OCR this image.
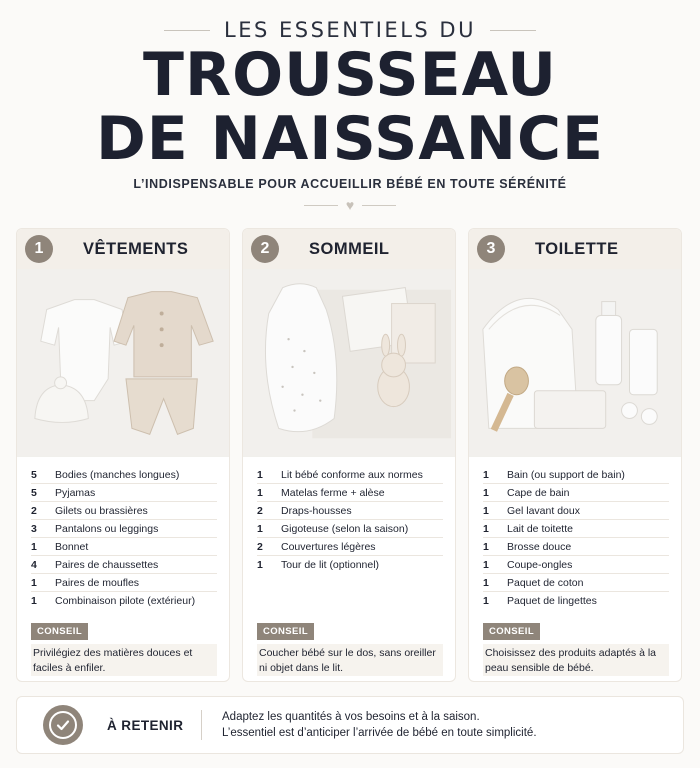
LES ESSENTIELS DU
TROUSSEAU
DE NAISSANCE
L’INDISPENSABLE POUR ACCUEILLIR BÉBÉ EN TOUTE SÉRÉNITÉ
♥
1	VÊTEMENTS
5	Bodies (manches longues)
5	Pyjamas
2	Gilets ou brassières
3	Pantalons ou leggings
1	Bonnet
4	Paires de chaussettes
1	Paires de moufles
1	Combinaison pilote (extérieur)
CONSEIL
Privilégiez des matières douces et faciles à enfiler.
2	SOMMEIL
1	Lit bébé conforme aux normes
1	Matelas ferme + alèse
2	Draps-housses
1	Gigoteuse (selon la saison)
2	Couvertures légères
1	Tour de lit (optionnel)
CONSEIL
Coucher bébé sur le dos, sans oreiller ni objet dans le lit.
3	TOILETTE
1	Bain (ou support de bain)
1	Cape de bain
1	Gel lavant doux
1	Lait de toitette
1	Brosse douce
1	Coupe-ongles
1	Paquet de coton
1	Paquet de lingettes
CONSEIL
Choisissez des produits adaptés à la peau sensible de bébé.
À RETENIR
Adaptez les quantités à vos besoins et à la saison.
L’essentiel est d’anticiper l’arrivée de bébé en toute simplicité.
